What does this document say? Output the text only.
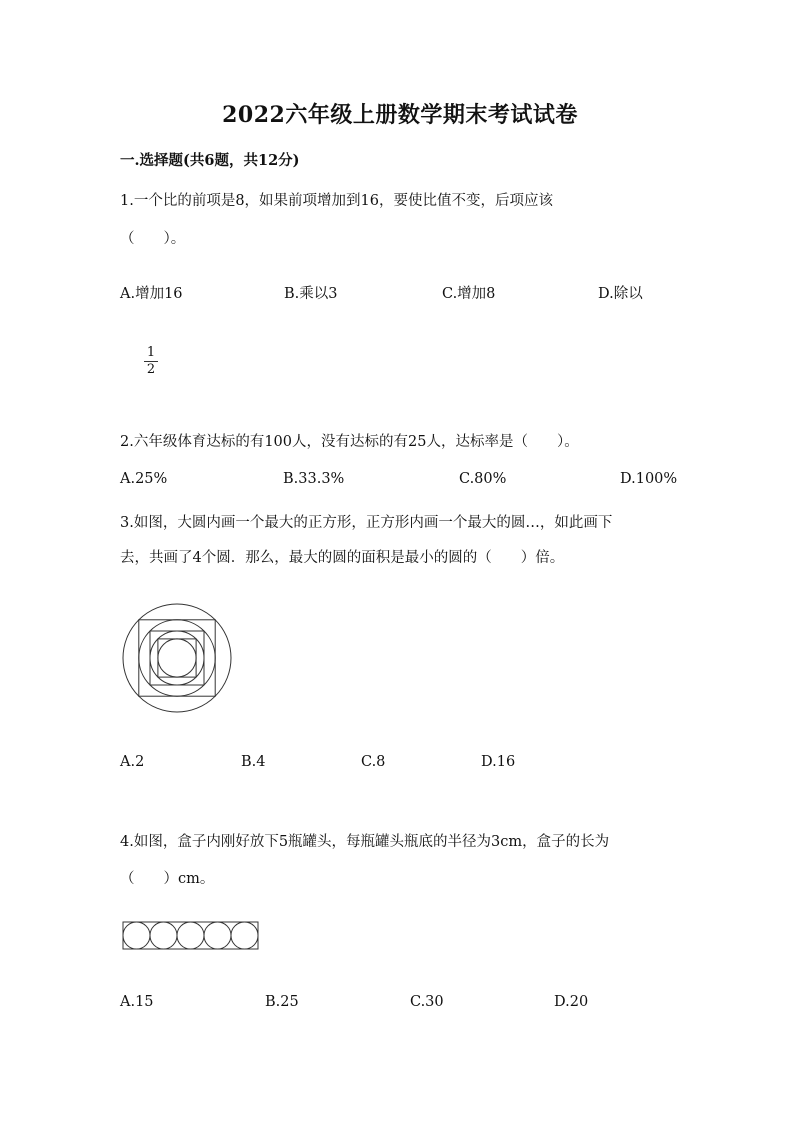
2022六年级上册数学期末考试试卷
一.选择题(共6题，共12分)
1.一个比的前项是8，如果前项增加到16，要使比值不变，后项应该
（　　）。
A.增加16	B.乘以3	C.增加8	D.除以
1
2
2.六年级体育达标的有100人，没有达标的有25人，达标率是（　　）。
A.25%	B.33.3%	C.80%	D.100%
3.如图，大圆内画一个最大的正方形，正方形内画一个最大的圆…，如此画下
去，共画了4个圆．那么，最大的圆的面积是最小的圆的（　　）倍。
A.2	B.4	C.8	D.16
4.如图，盒子内刚好放下5瓶罐头，每瓶罐头瓶底的半径为3cm，盒子的长为
（　　）cm。
A.15	B.25	C.30	D.20
